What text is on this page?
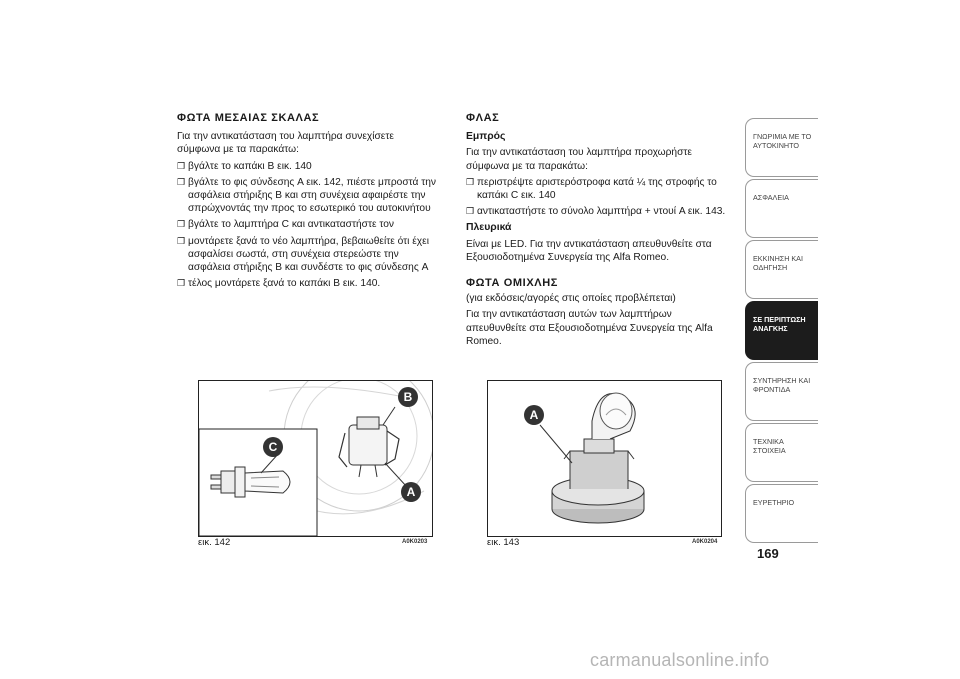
ΦΩΤΑ ΜΕΣΑΙΑΣ ΣΚΑΛΑΣ
Για την αντικατάσταση του λαμπτήρα συνεχίσετε σύμφωνα με τα παρακάτω:
❒ βγάλτε το καπάκι B εικ. 140
❒ βγάλτε το φις σύνδεσης A εικ. 142, πιέστε μπροστά την ασφάλεια στήριξης B και στη συνέχεια αφαιρέστε την σπρώχνοντάς την προς το εσωτερικό του αυτοκινήτου
❒ βγάλτε το λαμπτήρα C και αντικαταστήστε τον
❒ μοντάρετε ξανά το νέο λαμπτήρα, βεβαιωθείτε ότι έχει ασφαλίσει σωστά, στη συνέχεια στερεώστε την ασφάλεια στήριξης B και συνδέστε το φις σύνδεσης A
❒ τέλος μοντάρετε ξανά το καπάκι B εικ. 140.
ΦΛΑΣ
Εμπρός
Για την αντικατάσταση του λαμπτήρα προχωρήστε σύμφωνα με τα παρακάτω:
❒ περιστρέψτε αριστερόστροφα κατά ¼ της στροφής το καπάκι C εικ. 140
❒ αντικαταστήστε το σύνολο λαμπτήρα + ντουί A εικ. 143.
Πλευρικά
Είναι με LED. Για την αντικατάσταση απευθυνθείτε στα Εξουσιοδοτημένα Συνεργεία της Alfa Romeo.
ΦΩΤΑ ΟΜΙΧΛΗΣ
(για εκδόσεις/αγορές στις οποίες προβλέπεται)
Για την αντικατάσταση αυτών των λαμπτήρων απευθυνθείτε στα Εξουσιοδοτημένα Συνεργεία της Alfa Romeo.
B
C
A
εικ. 142	A0K0203
A
εικ. 143	A0K0204
ΓΝΩΡΙΜΙΑ ΜΕ ΤΟ ΑΥΤΟΚΙΝΗΤΟ
ΑΣΦΑΛΕΙΑ
ΕΚΚΙΝΗΣΗ ΚΑΙ ΟΔΗΓΗΣΗ
ΣΕ ΠΕΡΙΠΤΩΣΗ ΑΝΑΓΚΗΣ
ΣΥΝΤΗΡΗΣΗ ΚΑΙ ΦΡΟΝΤΙΔΑ
ΤΕΧΝΙΚΑ ΣΤΟΙΧΕΙΑ
ΕΥΡΕΤΗΡΙΟ
169
carmanualsonline.info
